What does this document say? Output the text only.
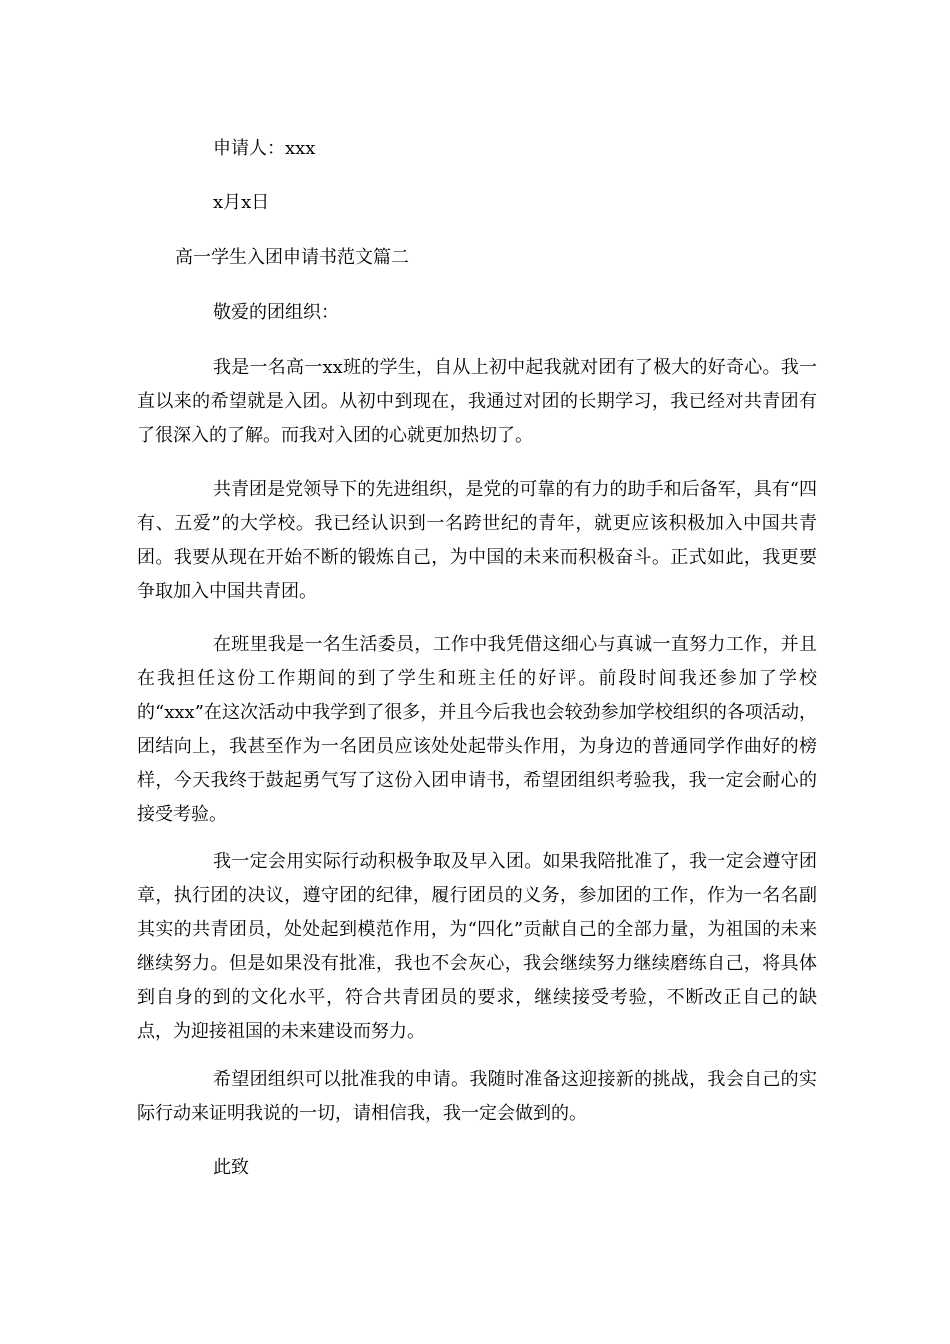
申请人：xxx
x月x日
高一学生入团申请书范文篇二
敬爱的团组织：
我是一名高一xx班的学生，自从上初中起我就对团有了极大的好奇心。我一直以来的希望就是入团。从初中到现在，我通过对团的长期学习，我已经对共青团有了很深入的了解。而我对入团的心就更加热切了。
共青团是党领导下的先进组织，是党的可靠的有力的助手和后备军，具有“四有、五爱”的大学校。我已经认识到一名跨世纪的青年，就更应该积极加入中国共青团。我要从现在开始不断的锻炼自己，为中国的未来而积极奋斗。正式如此，我更要争取加入中国共青团。
在班里我是一名生活委员，工作中我凭借这细心与真诚一直努力工作，并且在我担任这份工作期间的到了学生和班主任的好评。前段时间我还参加了学校的“xxx”在这次活动中我学到了很多，并且今后我也会较劲参加学校组织的各项活动，团结向上，我甚至作为一名团员应该处处起带头作用，为身边的普通同学作曲好的榜样，今天我终于鼓起勇气写了这份入团申请书，希望团组织考验我，我一定会耐心的接受考验。
我一定会用实际行动积极争取及早入团。如果我陪批准了，我一定会遵守团章，执行团的决议，遵守团的纪律，履行团员的义务，参加团的工作，作为一名名副其实的共青团员，处处起到模范作用，为“四化”贡献自己的全部力量，为祖国的未来继续努力。但是如果没有批准，我也不会灰心，我会继续努力继续磨练自己，将具体到自身的到的文化水平，符合共青团员的要求，继续接受考验，不断改正自己的缺点，为迎接祖国的未来建设而努力。
希望团组织可以批准我的申请。我随时准备这迎接新的挑战，我会自己的实际行动来证明我说的一切，请相信我，我一定会做到的。
此致
